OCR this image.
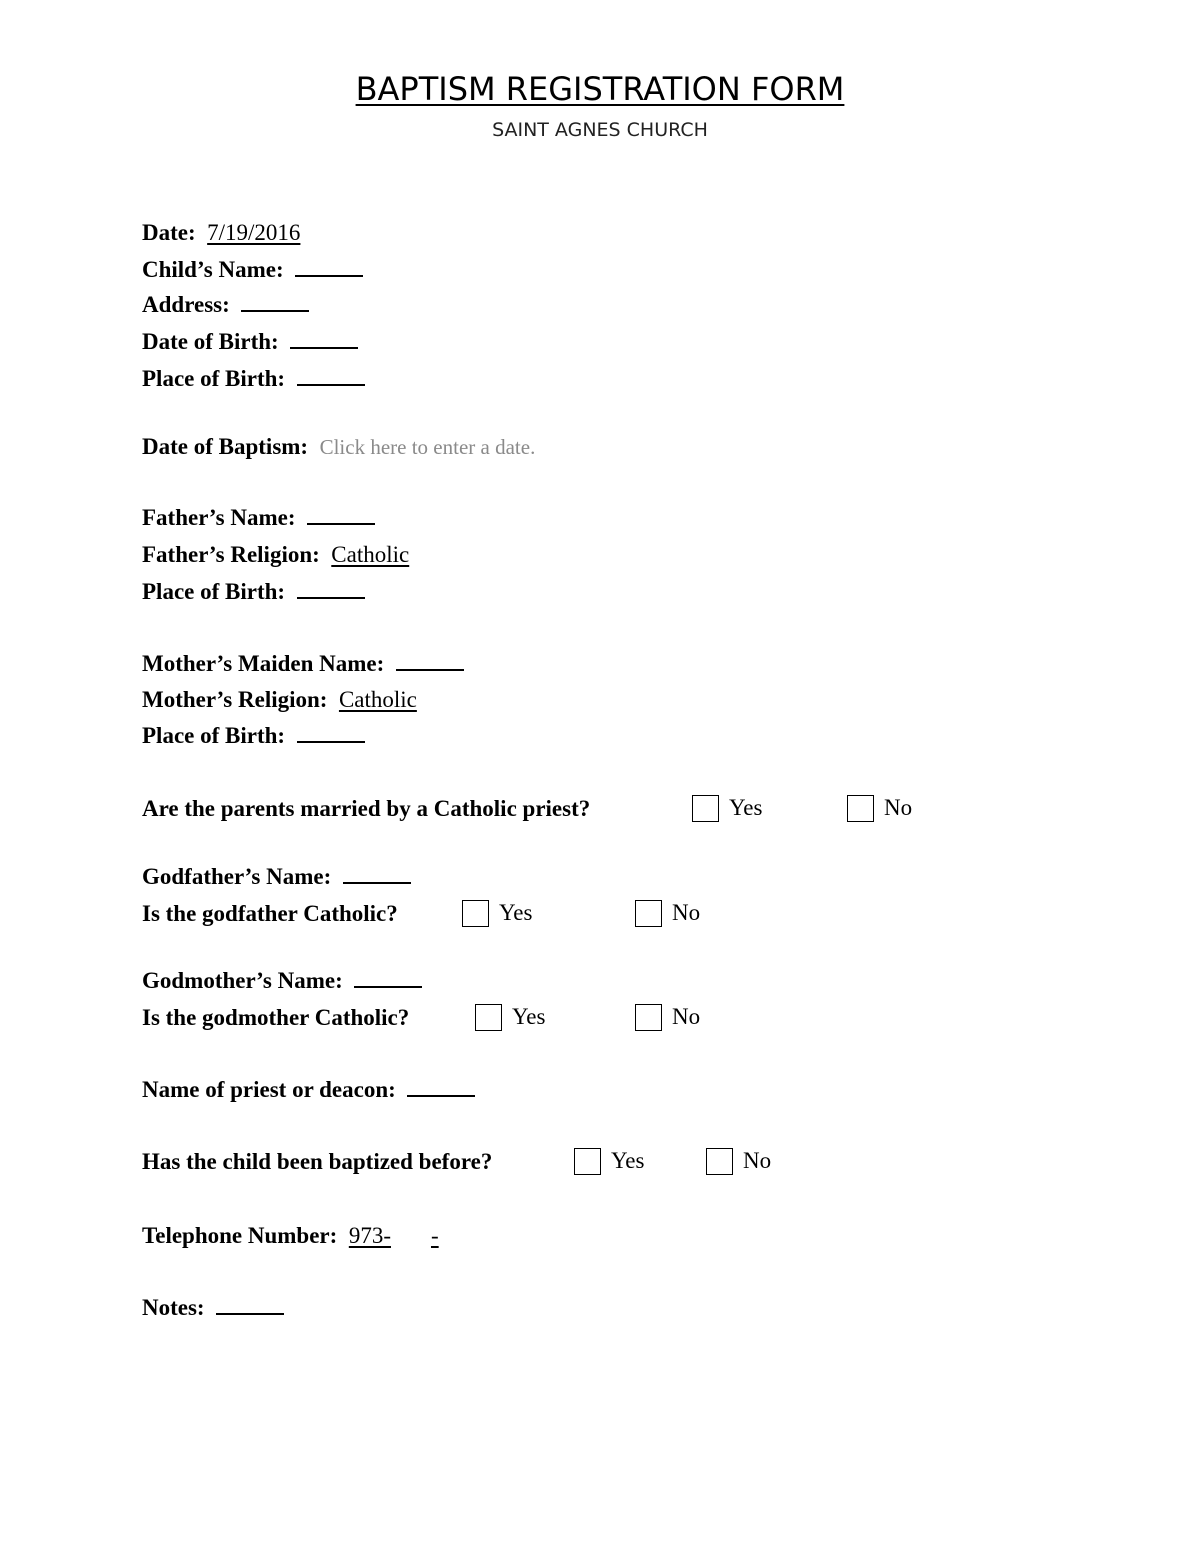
BAPTISM REGISTRATION FORM
SAINT AGNES CHURCH
Date: 7/19/2016
Child’s Name:
Address:
Date of Birth:
Place of Birth:
Date of Baptism: Click here to enter a date.
Father’s Name:
Father’s Religion: Catholic
Place of Birth:
Mother’s Maiden Name:
Mother’s Religion: Catholic
Place of Birth:
Are the parents married by a Catholic priest?	Yes	No
Godfather’s Name:
Is the godfather Catholic?	Yes	No
Godmother’s Name:
Is the godmother Catholic?	Yes	No
Name of priest or deacon:
Has the child been baptized before?	Yes	No
Telephone Number: 973- -
Notes:
